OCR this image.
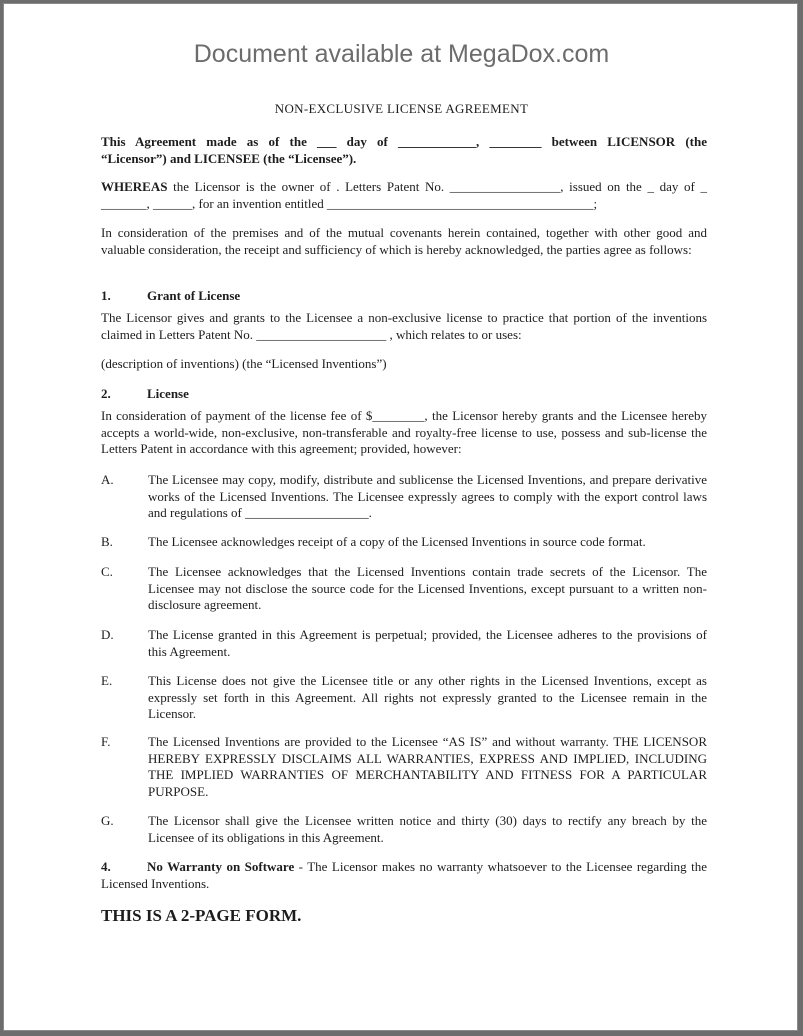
Document available at MegaDox.com
NON-EXCLUSIVE LICENSE AGREEMENT
This Agreement made as of the ___ day of ____________, ________ between LICENSOR (the
“Licensor”) and LICENSEE (the “Licensee”).
WHEREAS the Licensor is the owner of . Letters Patent No. _________________, issued on the _ day of _
_______, ______, for an invention entitled _________________________________________;
In consideration of the premises and of the mutual covenants herein contained, together with other good and valuable consideration, the receipt and sufficiency of which is hereby acknowledged, the parties agree as follows:
1.	Grant of License
The Licensor gives and grants to the Licensee a non-exclusive license to practice that portion of the inventions claimed in Letters Patent No. ____________________ , which relates to or uses:
(description of inventions) (the “Licensed Inventions”)
2.	License
In consideration of payment of the license fee of $________, the Licensor hereby grants and the Licensee hereby accepts a world-wide, non-exclusive, non-transferable and royalty-free license to use, possess and sub-license the Letters Patent in accordance with this agreement; provided, however:
A.	The Licensee may copy, modify, distribute and sublicense the Licensed Inventions, and prepare derivative works of the Licensed Inventions. The Licensee expressly agrees to comply with the export control laws and regulations of ___________________.
B.	The Licensee acknowledges receipt of a copy of the Licensed Inventions in source code format.
C.	The Licensee acknowledges that the Licensed Inventions contain trade secrets of the Licensor. The Licensee may not disclose the source code for the Licensed Inventions, except pursuant to a written non-disclosure agreement.
D.	The License granted in this Agreement is perpetual; provided, the Licensee adheres to the provisions of this Agreement.
E.	This License does not give the Licensee title or any other rights in the Licensed Inventions, except as expressly set forth in this Agreement. All rights not expressly granted to the Licensee remain in the Licensor.
F.	The Licensed Inventions are provided to the Licensee “AS IS” and without warranty. THE LICENSOR HEREBY EXPRESSLY DISCLAIMS ALL WARRANTIES, EXPRESS AND IMPLIED, INCLUDING THE IMPLIED WARRANTIES OF MERCHANTABILITY AND FITNESS FOR A PARTICULAR PURPOSE.
G.	The Licensor shall give the Licensee written notice and thirty (30) days to rectify any breach by the Licensee of its obligations in this Agreement.
4.	No Warranty on Software - The Licensor makes no warranty whatsoever to the Licensee regarding the Licensed Inventions.
THIS IS A 2-PAGE FORM.
